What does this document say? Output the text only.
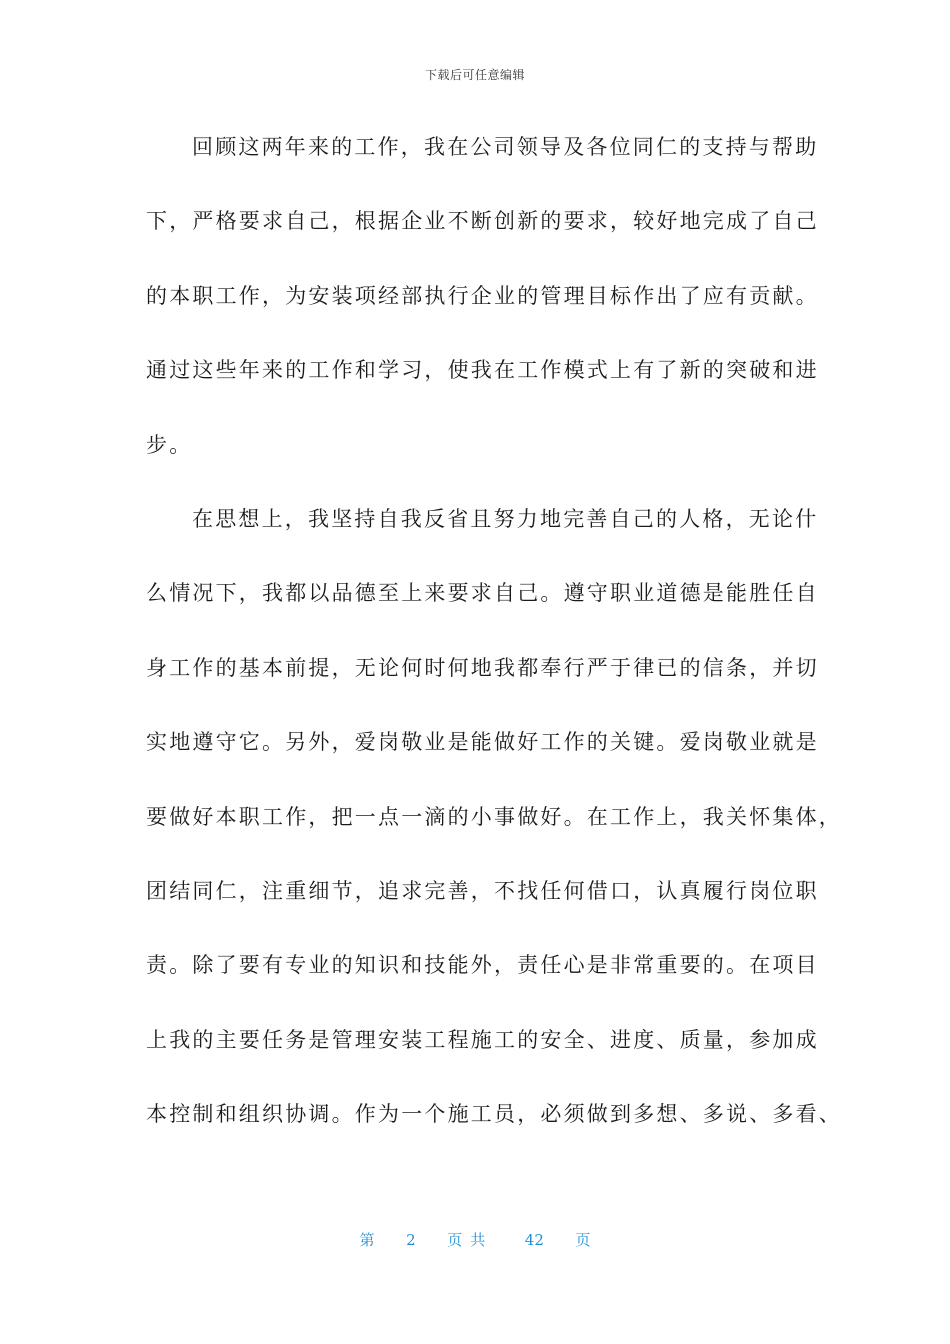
下载后可任意编辑
回顾这两年来的工作，我在公司领导及各位同仁的支持与帮助
下，严格要求自己，根据企业不断创新的要求，较好地完成了自己
的本职工作，为安装项经部执行企业的管理目标作出了应有贡献。
通过这些年来的工作和学习，使我在工作模式上有了新的突破和进
步。
在思想上，我坚持自我反省且努力地完善自己的人格，无论什
么情况下，我都以品德至上来要求自己。遵守职业道德是能胜任自
身工作的基本前提，无论何时何地我都奉行严于律已的信条，并切
实地遵守它。另外，爱岗敬业是能做好工作的关键。爱岗敬业就是
要做好本职工作，把一点一滴的小事做好。在工作上，我关怀集体，
团结同仁，注重细节，追求完善，不找任何借口，认真履行岗位职
责。除了要有专业的知识和技能外，责任心是非常重要的。在项目
上我的主要任务是管理安装工程施工的安全、进度、质量，参加成
本控制和组织协调。作为一个施工员，必须做到多想、多说、多看、
第 2 页共 42 页
